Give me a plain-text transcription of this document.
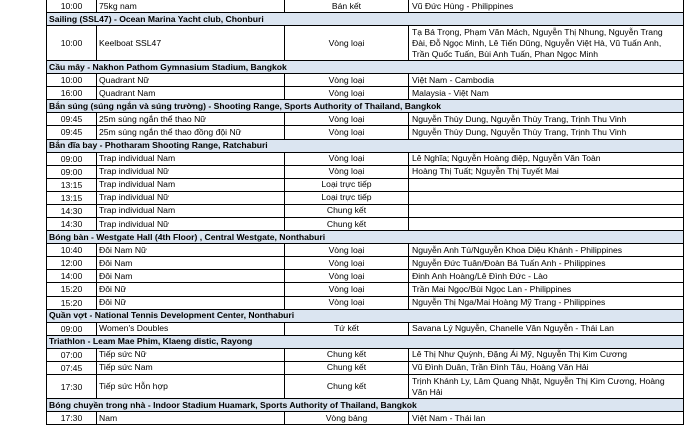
10:00	75kg nam	Bán kết	Vũ Đức Hùng - Philippines
Sailing (SSL47) - Ocean Marina Yacht club, Chonburi			
10:00	Keelboat SSL47	Vòng loại	Tạ Bá Trọng, Phạm Văn Mách, Nguyễn Thị Nhung, Nguyễn Trang Đài, Đỗ Ngọc Minh, Lê Tiến Dũng, Nguyễn Việt Hà, Vũ Tuấn Anh, Trần Quốc Tuấn, Bùi Anh Tuấn, Phan Ngọc Minh
Cầu mây - Nakhon Pathom Gymnasium Stadium, Bangkok			
10:00	Quadrant Nữ	Vòng loại	Việt Nam - Cambodia
16:00	Quadrant Nam	Vòng loại	Malaysia - Việt Nam
Bắn súng (súng ngắn và súng trường) - Shooting Range, Sports Authority of Thailand, Bangkok			
09:45	25m súng ngắn thể thao Nữ	Vòng loại	Nguyễn Thùy Dung, Nguyễn Thùy Trang, Trịnh Thu Vinh
09:45	25m súng ngắn thể thao đồng đội Nữ	Vòng loại	Nguyễn Thùy Dung, Nguyễn Thùy Trang, Trịnh Thu Vinh
Bắn đĩa bay - Photharam Shooting Range, Ratchaburi			
09:00	Trap individual Nam	Vòng loại	Lê Nghĩa; Nguyễn Hoàng điệp, Nguyễn Văn Toàn
09:00	Trap individual Nữ	Vòng loại	Hoàng Thị Tuất; Nguyễn Thị Tuyết Mai
13:15	Trap individual Nam	Loại trực tiếp	
13:15	Trap individual Nữ	Loại trực tiếp	
14:30	Trap individual Nam	Chung kết	
14:30	Trap individual Nữ	Chung kết	
Bóng bàn - Westgate Hall (4th Floor) , Central Westgate, Nonthaburi			
10:40	Đôi Nam Nữ	Vòng loại	Nguyễn Anh Tú/Nguyễn Khoa Diệu Khánh - Philippines
12:00	Đôi Nam	Vòng loại	Nguyễn Đức Tuân/Đoàn Bá Tuấn Anh - Philippines
14:00	Đôi Nam	Vòng loại	Đinh Anh Hoàng/Lê Đình Đức - Lào
15:20	Đôi Nữ	Vòng loại	Trần Mai Ngọc/Bùi Ngọc Lan - Philippines
15:20	Đôi Nữ	Vòng loại	Nguyễn Thị Nga/Mai Hoàng Mỹ Trang - Philippines
Quần vợt - National Tennis Development Center, Nonthaburi			
09:00	Women's Doubles	Tứ kết	Savana Lý Nguyễn, Chanelle Vân Nguyễn - Thái Lan
Triathlon - Leam Mae Phim, Klaeng distic, Rayong			
07:00	Tiếp sức Nữ	Chung kết	Lê Thị Như Quỳnh, Đặng Ái Mỹ, Nguyễn Thị Kim Cương
07:45	Tiếp sức Nam	Chung kết	Vũ Đình Duân, Trần Đình Tâu, Hoàng Văn Hải
17:30	Tiếp sức Hỗn hợp	Chung kết	Trịnh Khánh Ly, Lâm Quang Nhật, Nguyễn Thị Kim Cương, Hoàng Văn Hải
Bóng chuyền trong nhà - Indoor Stadium Huamark, Sports Authority of Thailand, Bangkok			
17:30	Nam	Vòng bảng	Việt Nam - Thái lan
